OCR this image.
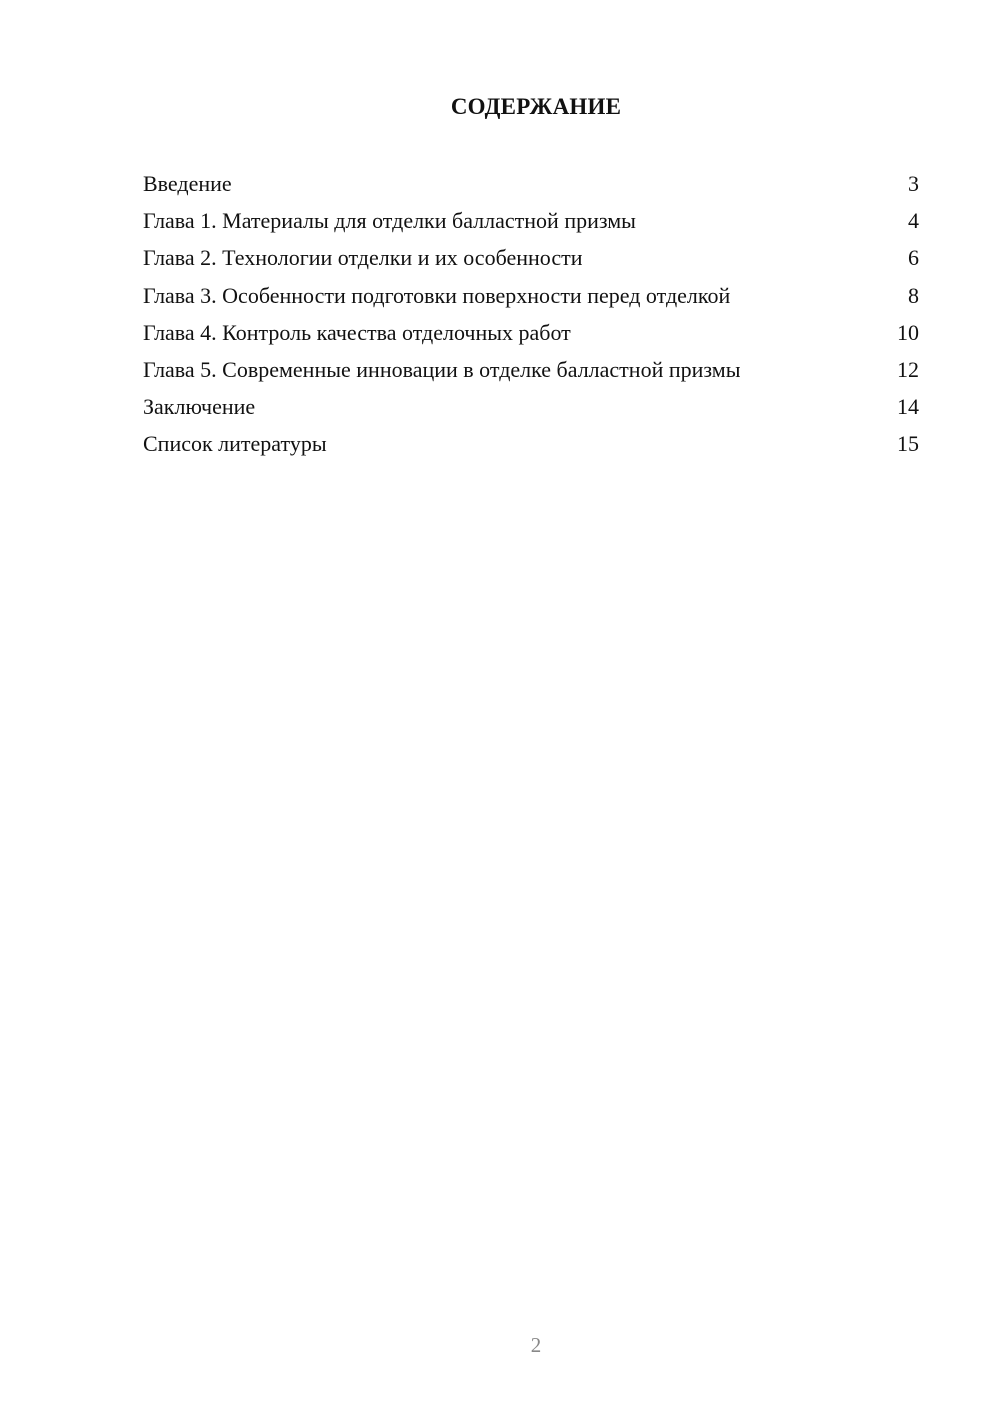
СОДЕРЖАНИЕ
Введение	3
Глава 1. Материалы для отделки балластной призмы	4
Глава 2. Технологии отделки и их особенности	6
Глава 3. Особенности подготовки поверхности перед отделкой	8
Глава 4. Контроль качества отделочных работ	10
Глава 5. Современные инновации в отделке балластной призмы	12
Заключение	14
Список литературы	15
2
